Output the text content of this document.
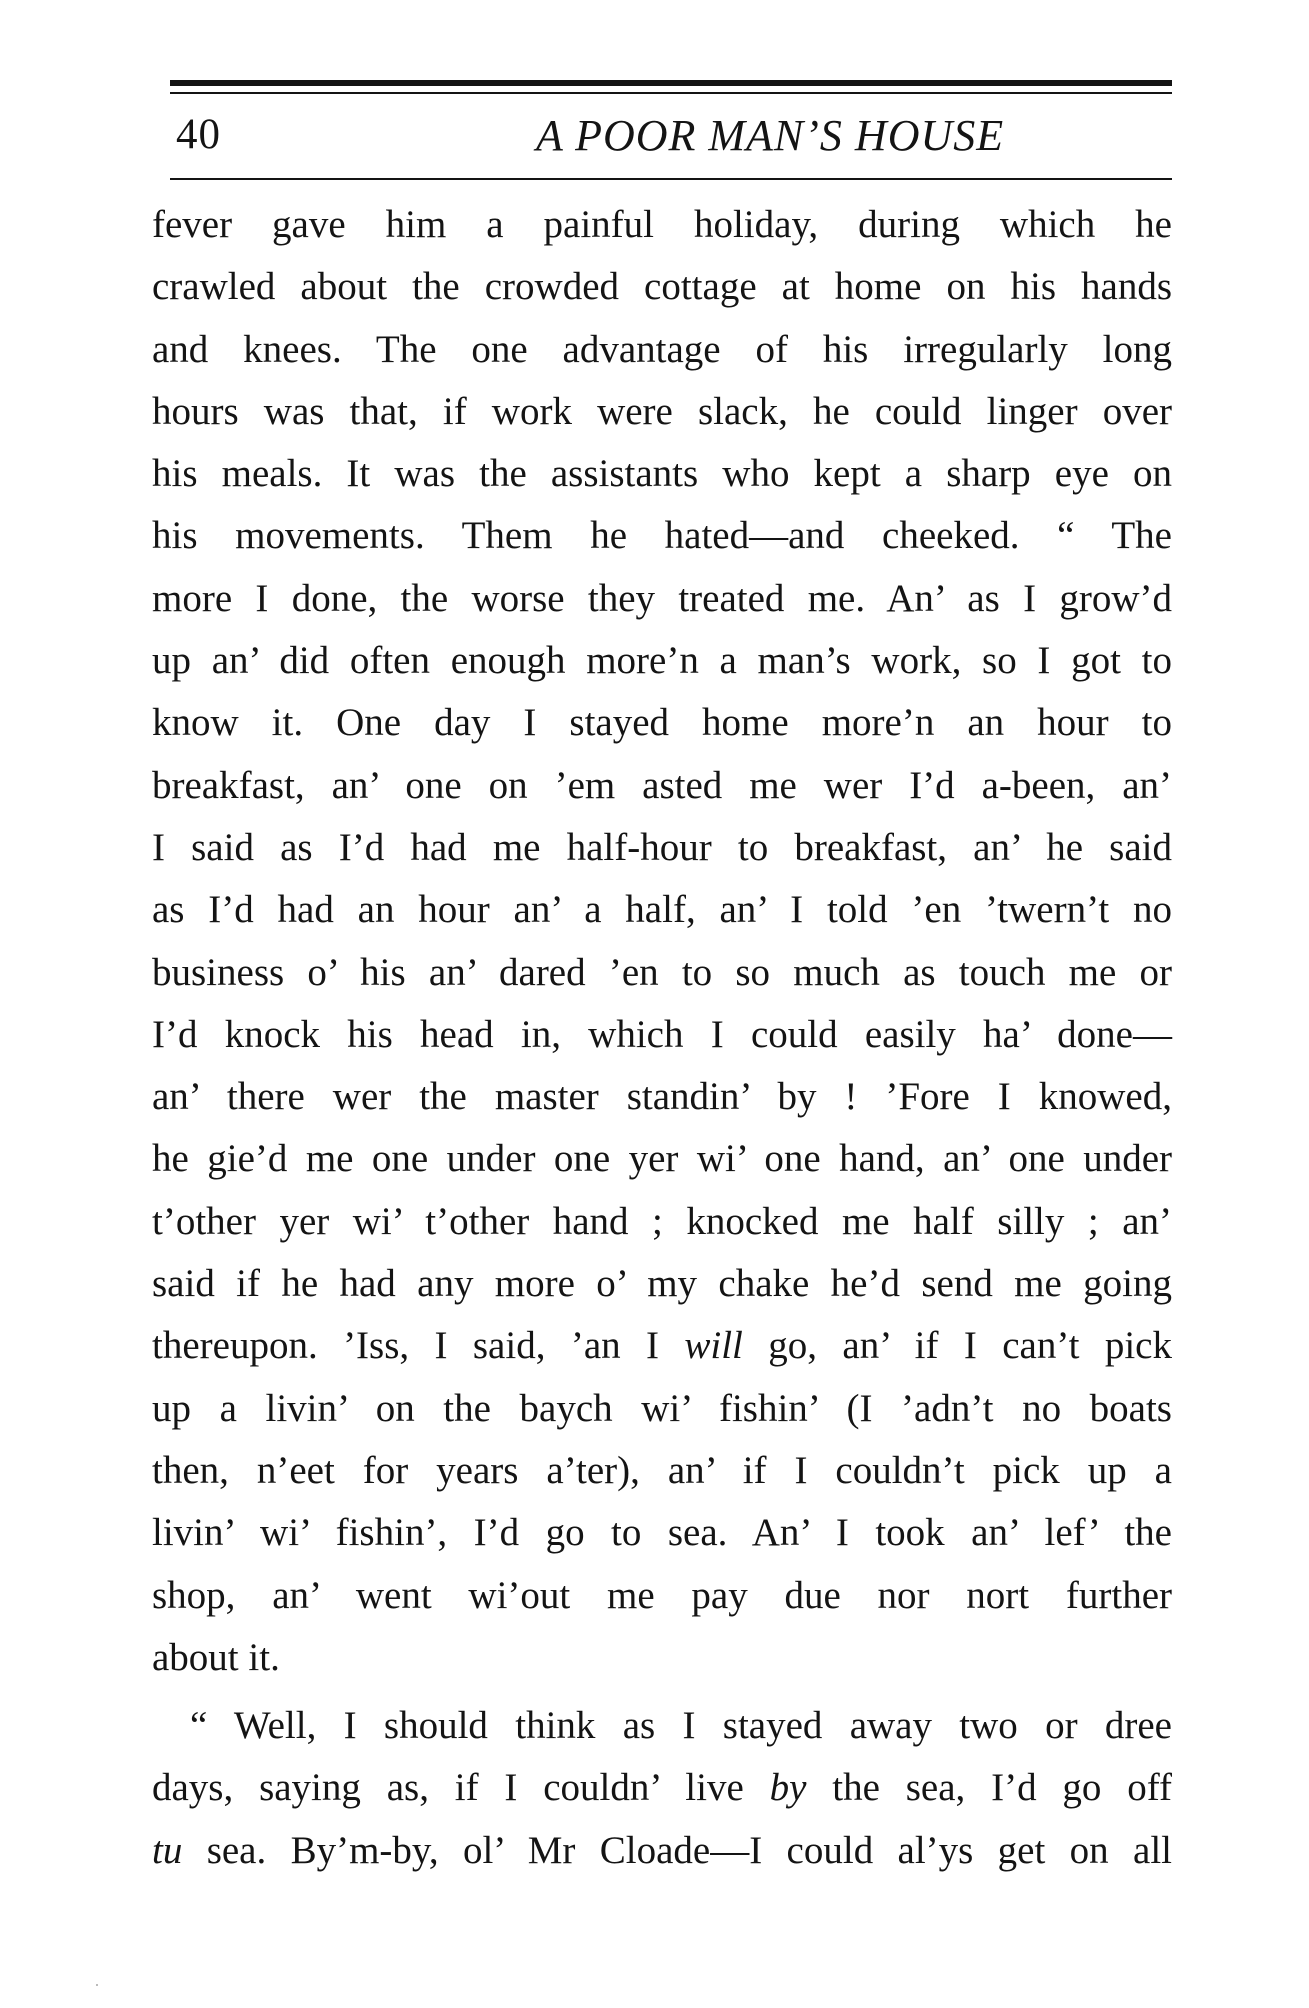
40	A POOR MAN’S HOUSE
fever gave him a painful holiday, during which he
crawled about the crowded cottage at home on his hands
and knees. The one advantage of his irregularly long
hours was that, if work were slack, he could linger over
his meals. It was the assistants who kept a sharp eye on
his movements. Them he hated—and cheeked. “ The
more I done, the worse they treated me. An’ as I grow’d
up an’ did often enough more’n a man’s work, so I got to
know it. One day I stayed home more’n an hour to
breakfast, an’ one on ’em asted me wer I’d a-been, an’
I said as I’d had me half-hour to breakfast, an’ he said
as I’d had an hour an’ a half, an’ I told ’en ’twern’t no
business o’ his an’ dared ’en to so much as touch me or
I’d knock his head in, which I could easily ha’ done—
an’ there wer the master standin’ by ! ’Fore I knowed,
he gie’d me one under one yer wi’ one hand, an’ one under
t’other yer wi’ t’other hand ; knocked me half silly ; an’
said if he had any more o’ my chake he’d send me going
thereupon. ’Iss, I said, ’an I will go, an’ if I can’t pick
up a livin’ on the baych wi’ fishin’ (I ’adn’t no boats
then, n’eet for years a’ter), an’ if I couldn’t pick up a
livin’ wi’ fishin’, I’d go to sea. An’ I took an’ lef’ the
shop, an’ went wi’out me pay due nor nort further
about it.
“ Well, I should think as I stayed away two or dree
days, saying as, if I couldn’ live by the sea, I’d go off
tu sea. By’m-by, ol’ Mr Cloade—I could al’ys get on all
